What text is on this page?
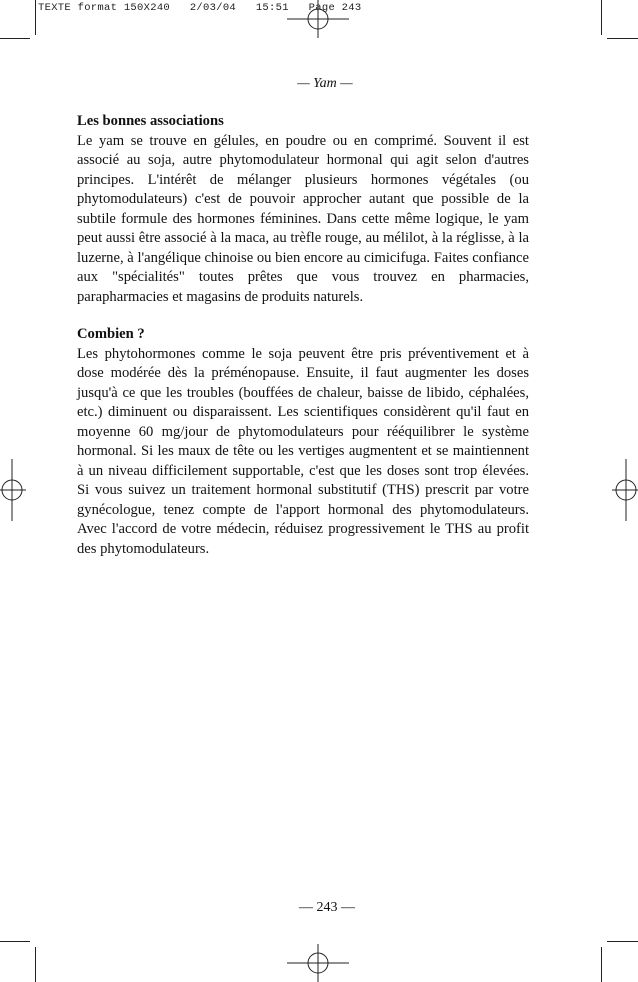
TEXTE format 150X240   2/03/04   15:51   Page 243
— Yam —
Les bonnes associations

Le yam se trouve en gélules, en poudre ou en comprimé. Souvent il est associé au soja, autre phytomodulateur hormonal qui agit selon d'autres principes. L'intérêt de mélanger plusieurs hormones végétales (ou phytomodulateurs) c'est de pouvoir approcher autant que possible de la subtile formule des hormones féminines. Dans cette même logique, le yam peut aussi être associé à la maca, au trèfle rouge, au mélilot, à la réglisse, à la luzerne, à l'angélique chinoise ou bien encore au cimicifuga. Faites confiance aux "spécialités" toutes prêtes que vous trouvez en pharmacies, parapharmacies et magasins de produits naturels.

Combien ?

Les phytohormones comme le soja peuvent être pris préventivement et à dose modérée dès la préménopause. Ensuite, il faut augmenter les doses jusqu'à ce que les troubles (bouffées de chaleur, baisse de libido, céphalées, etc.) diminuent ou disparaissent. Les scientifiques considèrent qu'il faut en moyenne 60 mg/jour de phytomodulateurs pour rééquilibrer le système hormonal. Si les maux de tête ou les vertiges augmentent et se maintiennent à un niveau difficilement supportable, c'est que les doses sont trop élevées. Si vous suivez un traitement hormonal substitutif (THS) prescrit par votre gynécologue, tenez compte de l'apport hormonal des phytomodulateurs. Avec l'accord de votre médecin, réduisez progressivement le THS au profit des phytomodulateurs.

— 243 —
